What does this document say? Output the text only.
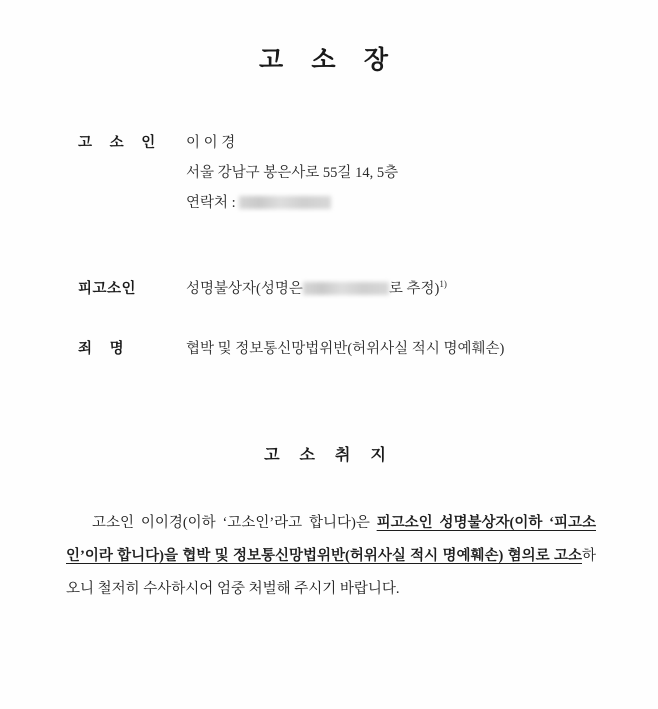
고 소 장
고 소 인	이 이 경
서울 강남구 봉은사로 55길 14, 5층
연락처 :
피고소인	성명불상자(성명은	로 추정)$^{1)}$
죄 명	협박 및 정보통신망법위반(허위사실 적시 명예훼손)
고 소 취 지

고소인 이이경(이하 ‘고소인’라고 합니다)은 피고소인 성명불상자(이하 ‘피고소인’이라 합니다)을 협박 및 정보통신망법위반(허위사실 적시 명예훼손) 혐의로 고소하오니 철저히 수사하시어 엄중 처벌해 주시기 바랍니다.
